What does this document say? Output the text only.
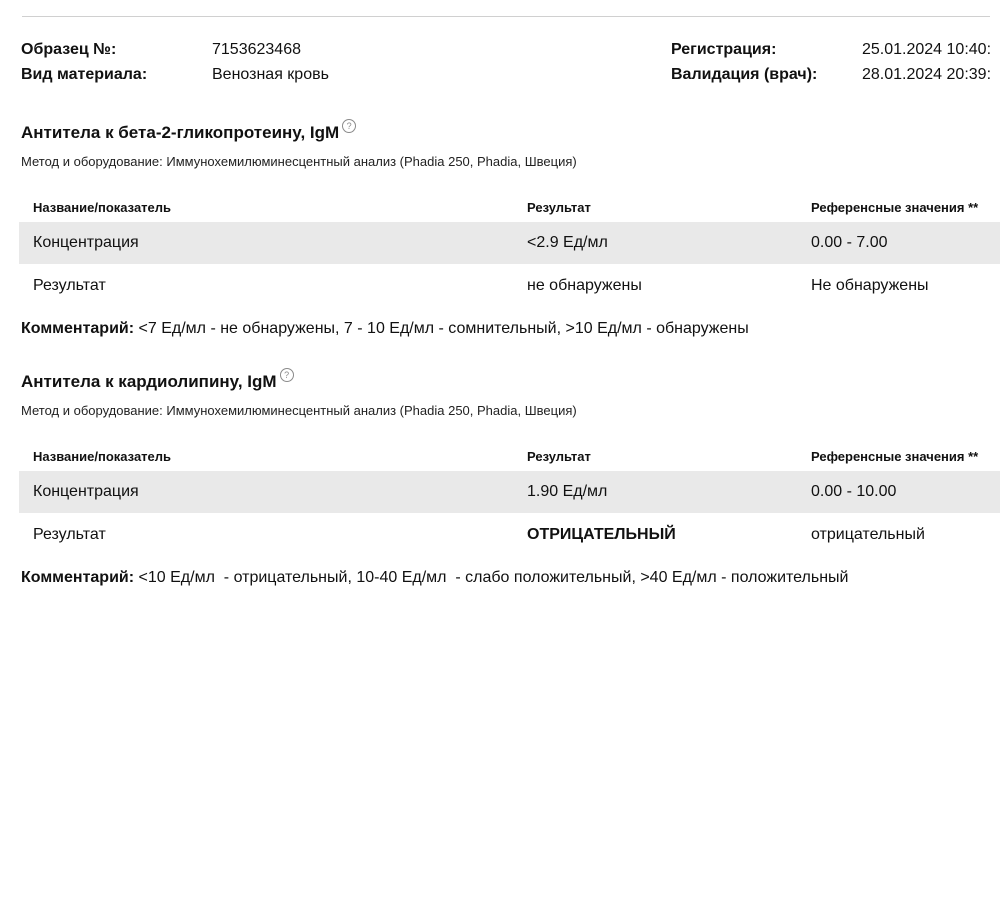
Образец №:	7153623468	Регистрация:	25.01.2024 10:40:
Вид материала:	Венозная кровь	Валидация (врач):	28.01.2024 20:39:
Антитела к бета-2-гликопротеину, IgM ?
Метод и оборудование: Иммунохемилюминесцентный анализ (Phadia 250, Phadia, Швеция)
Название/показатель	Результат	Референсные значения **
Концентрация	<2.9 Ед/мл	0.00 - 7.00
Результат	не обнаружены	Не обнаружены
Комментарий: <7 Ед/мл - не обнаружены, 7 - 10 Ед/мл - сомнительный, >10 Ед/мл - обнаружены
Антитела к кардиолипину, IgM ?
Метод и оборудование: Иммунохемилюминесцентный анализ (Phadia 250, Phadia, Швеция)
Название/показатель	Результат	Референсные значения **
Концентрация	1.90 Ед/мл	0.00 - 10.00
Результат	ОТРИЦАТЕЛЬНЫЙ	отрицательный
Комментарий: <10 Ед/мл  - отрицательный, 10-40 Ед/мл  - слабо положительный, >40 Ед/мл - положительный
